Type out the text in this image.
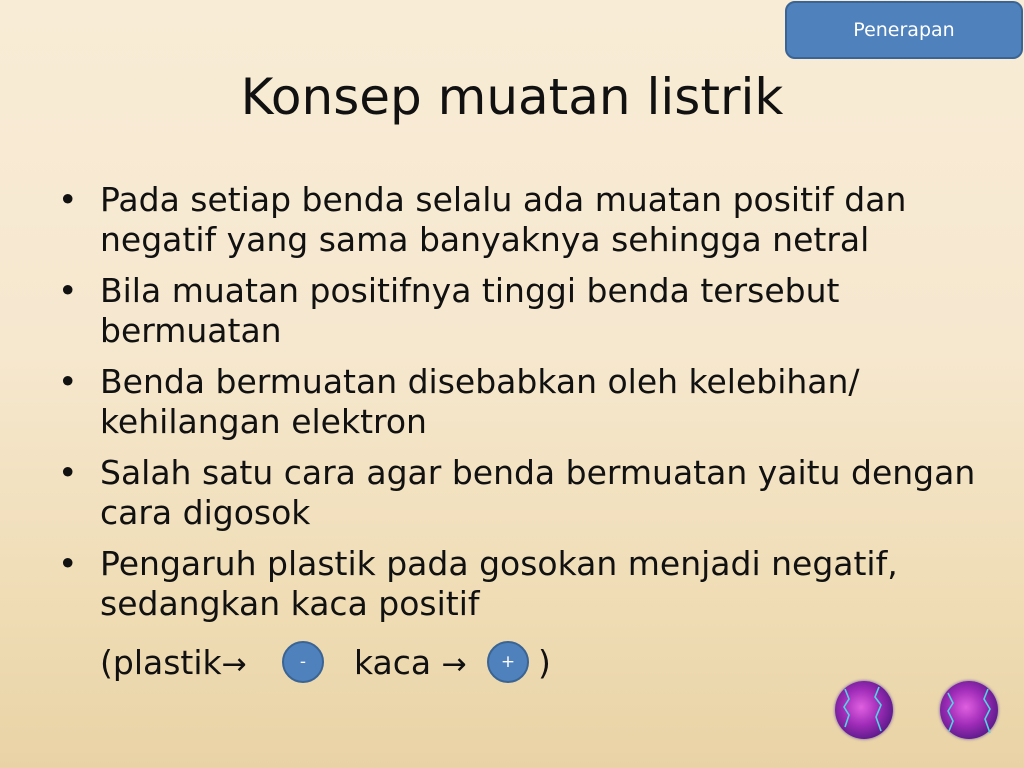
Penerapan
Konsep muatan listrik
• Pada setiap benda selalu ada muatan positif dan negatif yang sama banyaknya sehingga netral
• Bila muatan positifnya tinggi benda tersebut bermuatan
• Benda bermuatan disebabkan oleh kelebihan/ kehilangan elektron
• Salah satu cara agar benda bermuatan yaitu dengan cara digosok
• Pengaruh plastik pada gosokan menjadi negatif, sedangkan kaca positif
(plastik→	kaca → )
-	+
